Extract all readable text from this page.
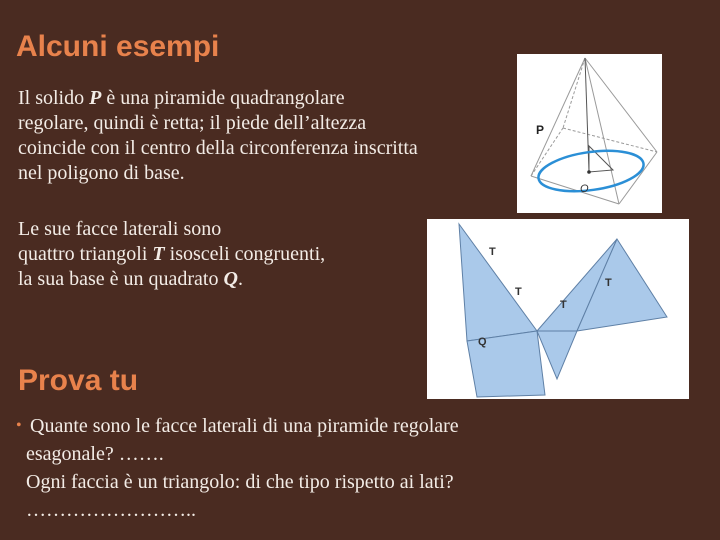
Alcuni esempi

Il solido P è una piramide quadrangolare
regolare, quindi è retta; il piede dell’altezza
coincide con il centro della circonferenza inscritta
nel poligono di base.

P
O

Le sue facce laterali sono
quattro triangoli T isosceli congruenti,
la sua base è un quadrato Q.

T
T
T
T
Q
Prova tu
• Quante sono le facce laterali di una piramide regolare
esagonale? …….
Ogni faccia è un triangolo: di che tipo rispetto ai lati?
……………………..
